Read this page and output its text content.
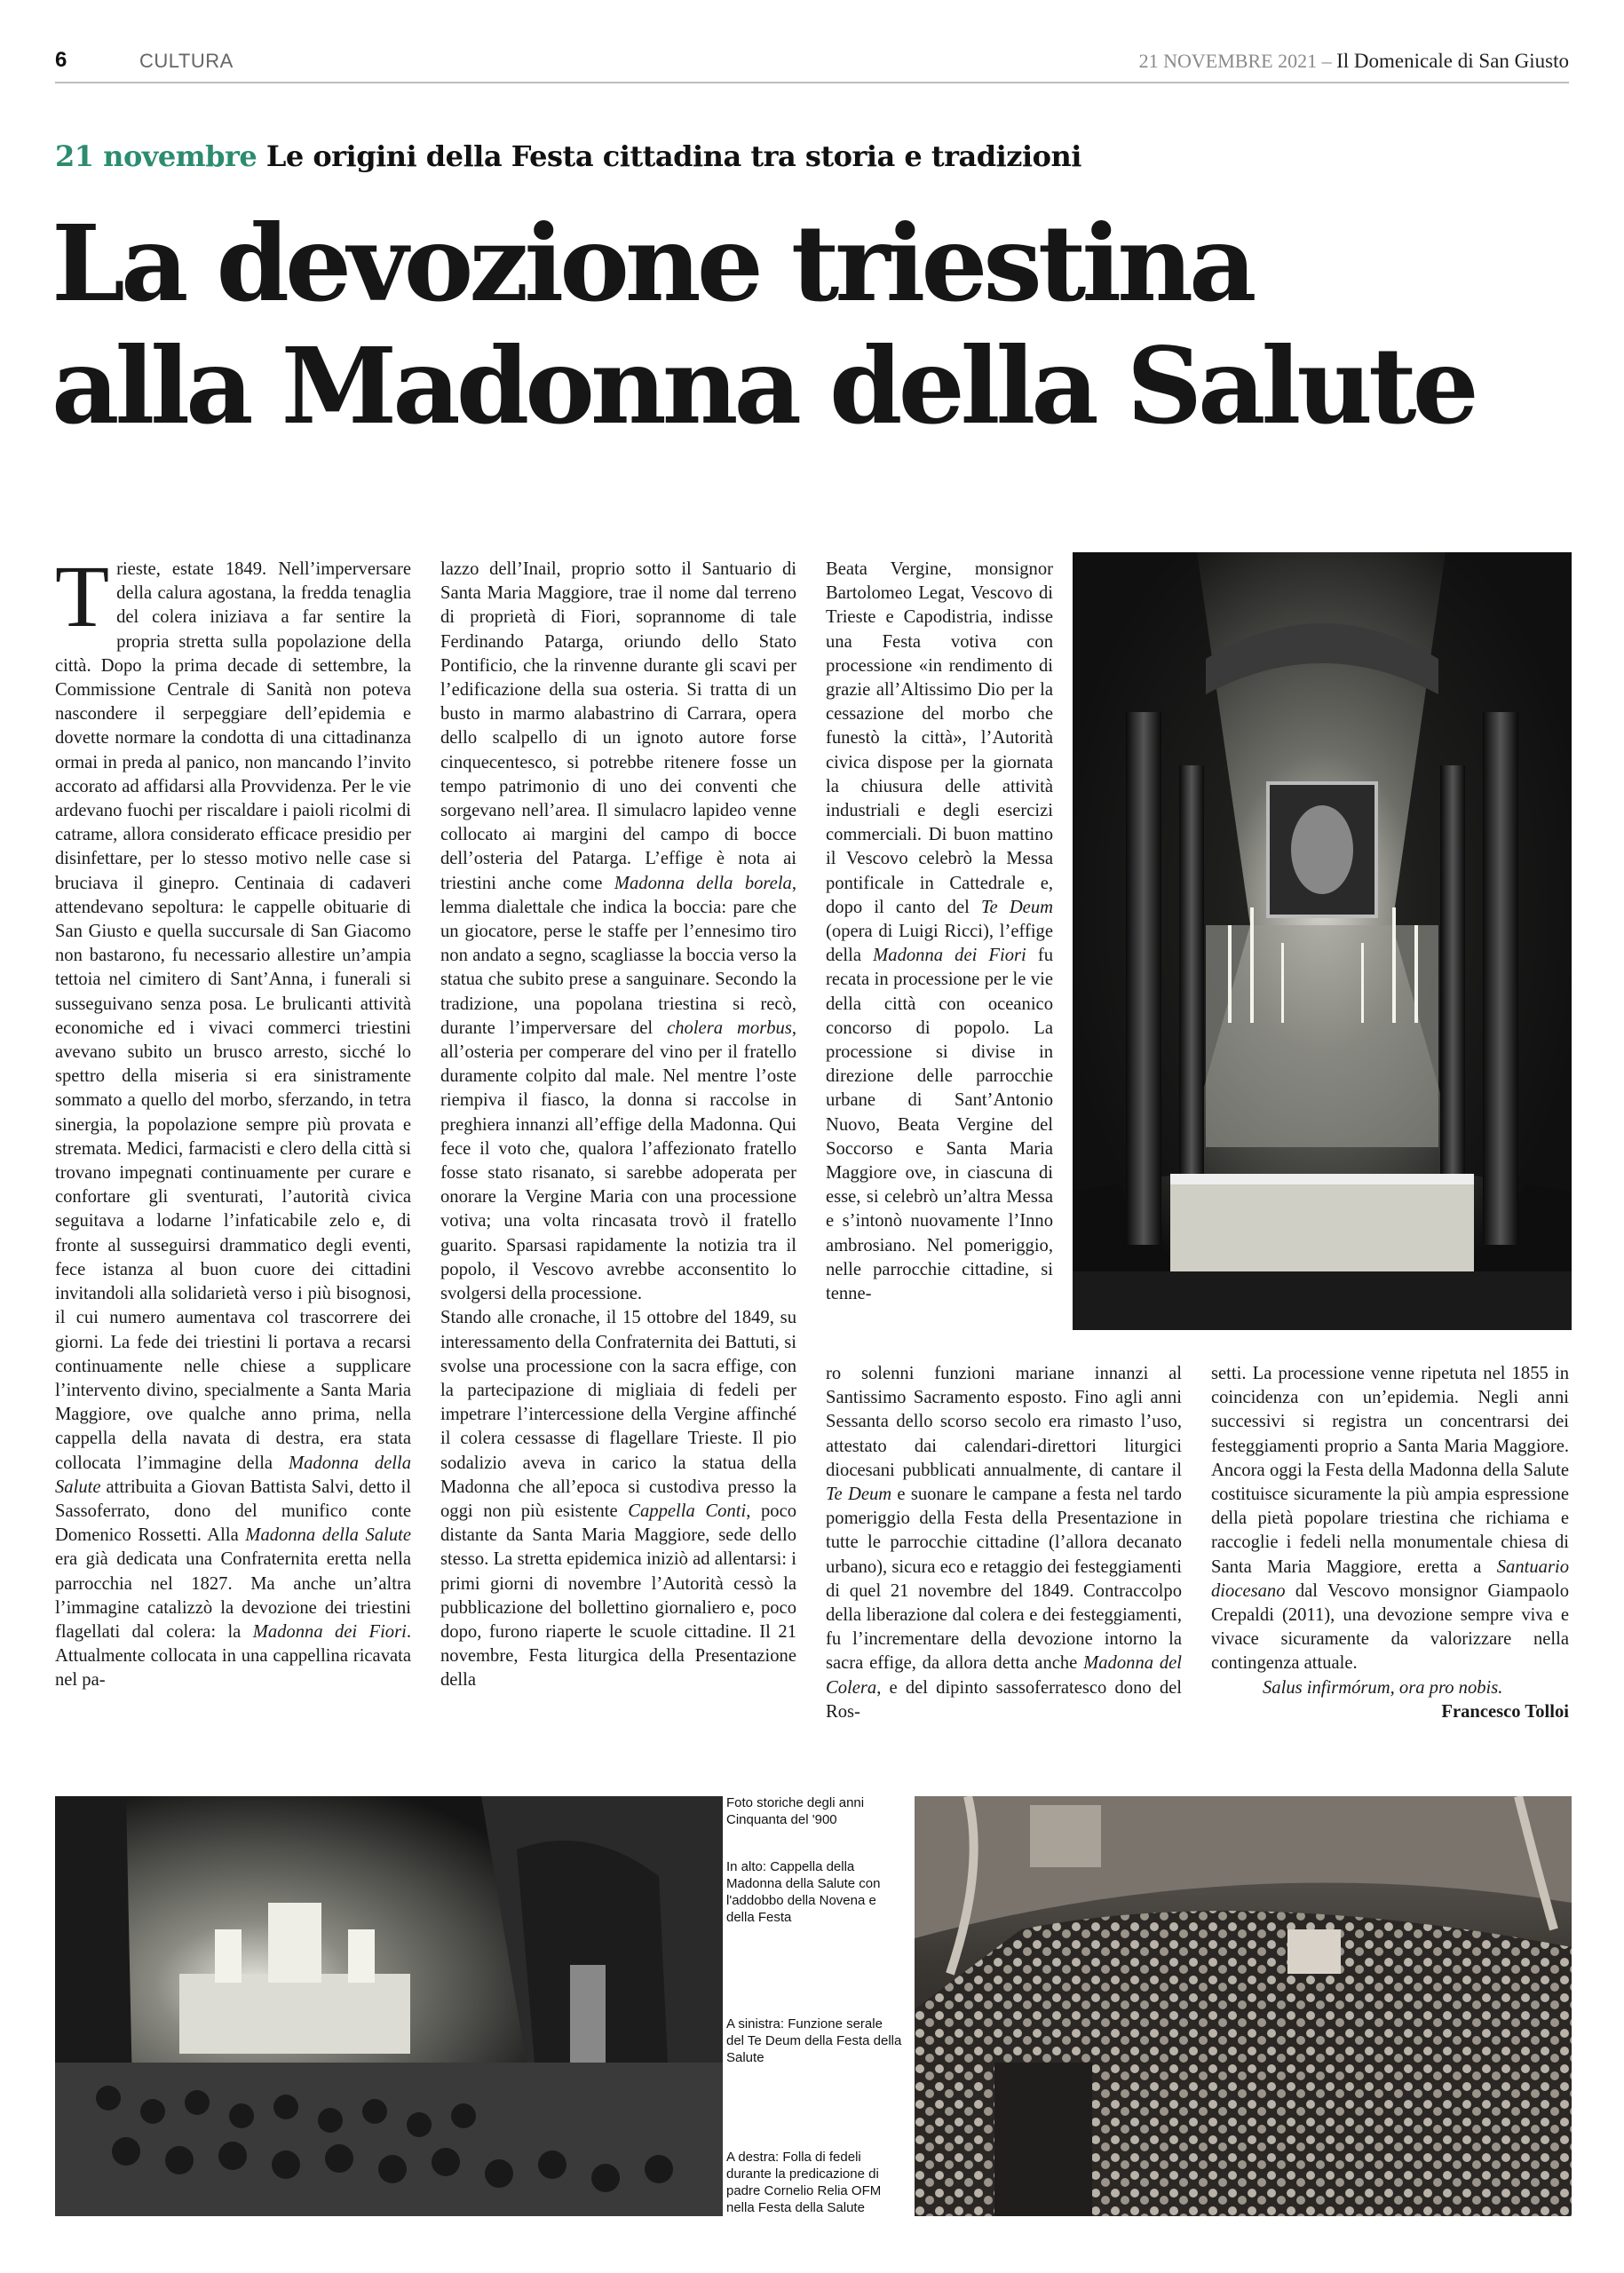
6	CULTURA	21 NOVEMBRE 2021 – Il Domenicale di San Giusto
21 novembre Le origini della Festa cittadina tra storia e tradizioni
La devozione triestina
alla Madonna della Salute

Trieste, estate 1849. Nell’imperversare della calura agostana, la fredda tenaglia del colera iniziava a far sentire la propria stretta sulla popolazione della città. Dopo la prima decade di settembre, la Commissione Centrale di Sanità non poteva nascondere il serpeggiare dell’epidemia e dovette normare la condotta di una cittadinanza ormai in preda al panico, non mancando l’invito accorato ad affidarsi alla Provvidenza. Per le vie ardevano fuochi per riscaldare i paioli ricolmi di catrame, allora considerato efficace presidio per disinfettare, per lo stesso motivo nelle case si bruciava il ginepro. Centinaia di cadaveri attendevano sepoltura: le cappelle obituarie di San Giusto e quella succursale di San Giacomo non bastarono, fu necessario allestire un’ampia tettoia nel cimitero di Sant’Anna, i funerali si susseguivano senza posa. Le brulicanti attività economiche ed i vivaci commerci triestini avevano subito un brusco arresto, sicché lo spettro della miseria si era sinistramente sommato a quello del morbo, sferzando, in tetra sinergia, la popolazione sempre più provata e stremata. Medici, farmacisti e clero della città si trovano impegnati continuamente per curare e confortare gli sventurati, l’autorità civica seguitava a lodarne l’infaticabile zelo e, di fronte al susseguirsi drammatico degli eventi, fece istanza al buon cuore dei cittadini invitandoli alla solidarietà verso i più bisognosi, il cui numero aumentava col trascorrere dei giorni. La fede dei triestini li portava a recarsi continuamente nelle chiese a supplicare l’intervento divino, specialmente a Santa Maria Maggiore, ove qualche anno prima, nella cappella della navata di destra, era stata collocata l’immagine della Madonna della Salute attribuita a Giovan Battista Salvi, detto il Sassoferrato, dono del munifico conte Domenico Rossetti. Alla Madonna della Salute era già dedicata una Confraternita eretta nella parrocchia nel 1827. Ma anche un’altra l’immagine catalizzò la devozione dei triestini flagellati dal colera: la Madonna dei Fiori. Attualmente collocata in una cappellina ricavata nel pa-

lazzo dell’Inail, proprio sotto il Santuario di Santa Maria Maggiore, trae il nome dal terreno di proprietà di Fiori, soprannome di tale Ferdinando Patarga, oriundo dello Stato Pontificio, che la rinvenne durante gli scavi per l’edificazione della sua osteria. Si tratta di un busto in marmo alabastrino di Carrara, opera dello scalpello di un ignoto autore forse cinquecentesco, si potrebbe ritenere fosse un tempo patrimonio di uno dei conventi che sorgevano nell’area. Il simulacro lapideo venne collocato ai margini del campo di bocce dell’osteria del Patarga. L’effige è nota ai triestini anche come Madonna della borela, lemma dialettale che indica la boccia: pare che un giocatore, perse le staffe per l’ennesimo tiro non andato a segno, scagliasse la boccia verso la statua che subito prese a sanguinare. Secondo la tradizione, una popolana triestina si recò, durante l’imperversare del cholera morbus, all’osteria per comperare del vino per il fratello duramente colpito dal male. Nel mentre l’oste riempiva il fiasco, la donna si raccolse in preghiera innanzi all’effige della Madonna. Qui fece il voto che, qualora l’affezionato fratello fosse stato risanato, si sarebbe adoperata per onorare la Vergine Maria con una processione votiva; una volta rincasata trovò il fratello guarito. Sparsasi rapidamente la notizia tra il popolo, il Vescovo avrebbe acconsentito lo svolgersi della processione.

Stando alle cronache, il 15 ottobre del 1849, su interessamento della Confraternita dei Battuti, si svolse una processione con la sacra effige, con la partecipazione di migliaia di fedeli per impetrare l’intercessione della Vergine affinché il colera cessasse di flagellare Trieste. Il pio sodalizio aveva in carico la statua della Madonna che all’epoca si custodiva presso la oggi non più esistente Cappella Conti, poco distante da Santa Maria Maggiore, sede dello stesso. La stretta epidemica iniziò ad allentarsi: i primi giorni di novembre l’Autorità cessò la pubblicazione del bollettino giornaliero e, poco dopo, furono riaperte le scuole cittadine. Il 21 novembre, Festa liturgica della Presentazione della

Beata Vergine, monsignor Bartolomeo Legat, Vescovo di Trieste e Capodistria, indisse una Festa votiva con processione «in rendimento di grazie all’Altissimo Dio per la cessazione del morbo che funestò la città», l’Autorità civica dispose per la giornata la chiusura delle attività industriali e degli esercizi commerciali. Di buon mattino il Vescovo celebrò la Messa pontificale in Cattedrale e, dopo il canto del Te Deum (opera di Luigi Ricci), l’effige della Madonna dei Fiori fu recata in processione per le vie della città con oceanico concorso di popolo. La processione si divise in direzione delle parrocchie urbane di Sant’Antonio Nuovo, Beata Vergine del Soccorso e Santa Maria Maggiore ove, in ciascuna di esse, si celebrò un’altra Messa e s’intonò nuovamente l’Inno ambrosiano. Nel pomeriggio, nelle parrocchie cittadine, si tenne-

ro solenni funzioni mariane innanzi al Santissimo Sacramento esposto. Fino agli anni Sessanta dello scorso secolo era rimasto l’uso, attestato dai calendari-direttori liturgici diocesani pubblicati annualmente, di cantare il Te Deum e suonare le campane a festa nel tardo pomeriggio della Festa della Presentazione in tutte le parrocchie cittadine (l’allora decanato urbano), sicura eco e retaggio dei festeggiamenti di quel 21 novembre del 1849. Contraccolpo della liberazione dal colera e dei festeggiamenti, fu l’incrementare della devozione intorno la sacra effige, da allora detta anche Madonna del Colera, e del dipinto sassoferratesco dono del Ros-

setti. La processione venne ripetuta nel 1855 in coincidenza con un’epidemia. Negli anni successivi si registra un concentrarsi dei festeggiamenti proprio a Santa Maria Maggiore. Ancora oggi la Festa della Madonna della Salute costituisce sicuramente la più ampia espressione della pietà popolare triestina che richiama e raccoglie i fedeli nella monumentale chiesa di Santa Maria Maggiore, eretta a Santuario diocesano dal Vescovo monsignor Giampaolo Crepaldi (2011), una devozione sempre viva e vivace sicuramente da valorizzare nella contingenza attuale.

Salus infirmórum, ora pro nobis.

Francesco Tolloi

Foto storiche degli anni Cinquanta del '900
In alto: Cappella della Madonna della Salute con l'addobbo della Novena e della Festa
A sinistra: Funzione serale del Te Deum della Festa della Salute
A destra: Folla di fedeli durante la predicazione di padre Cornelio Relia OFM nella Festa della Salute
